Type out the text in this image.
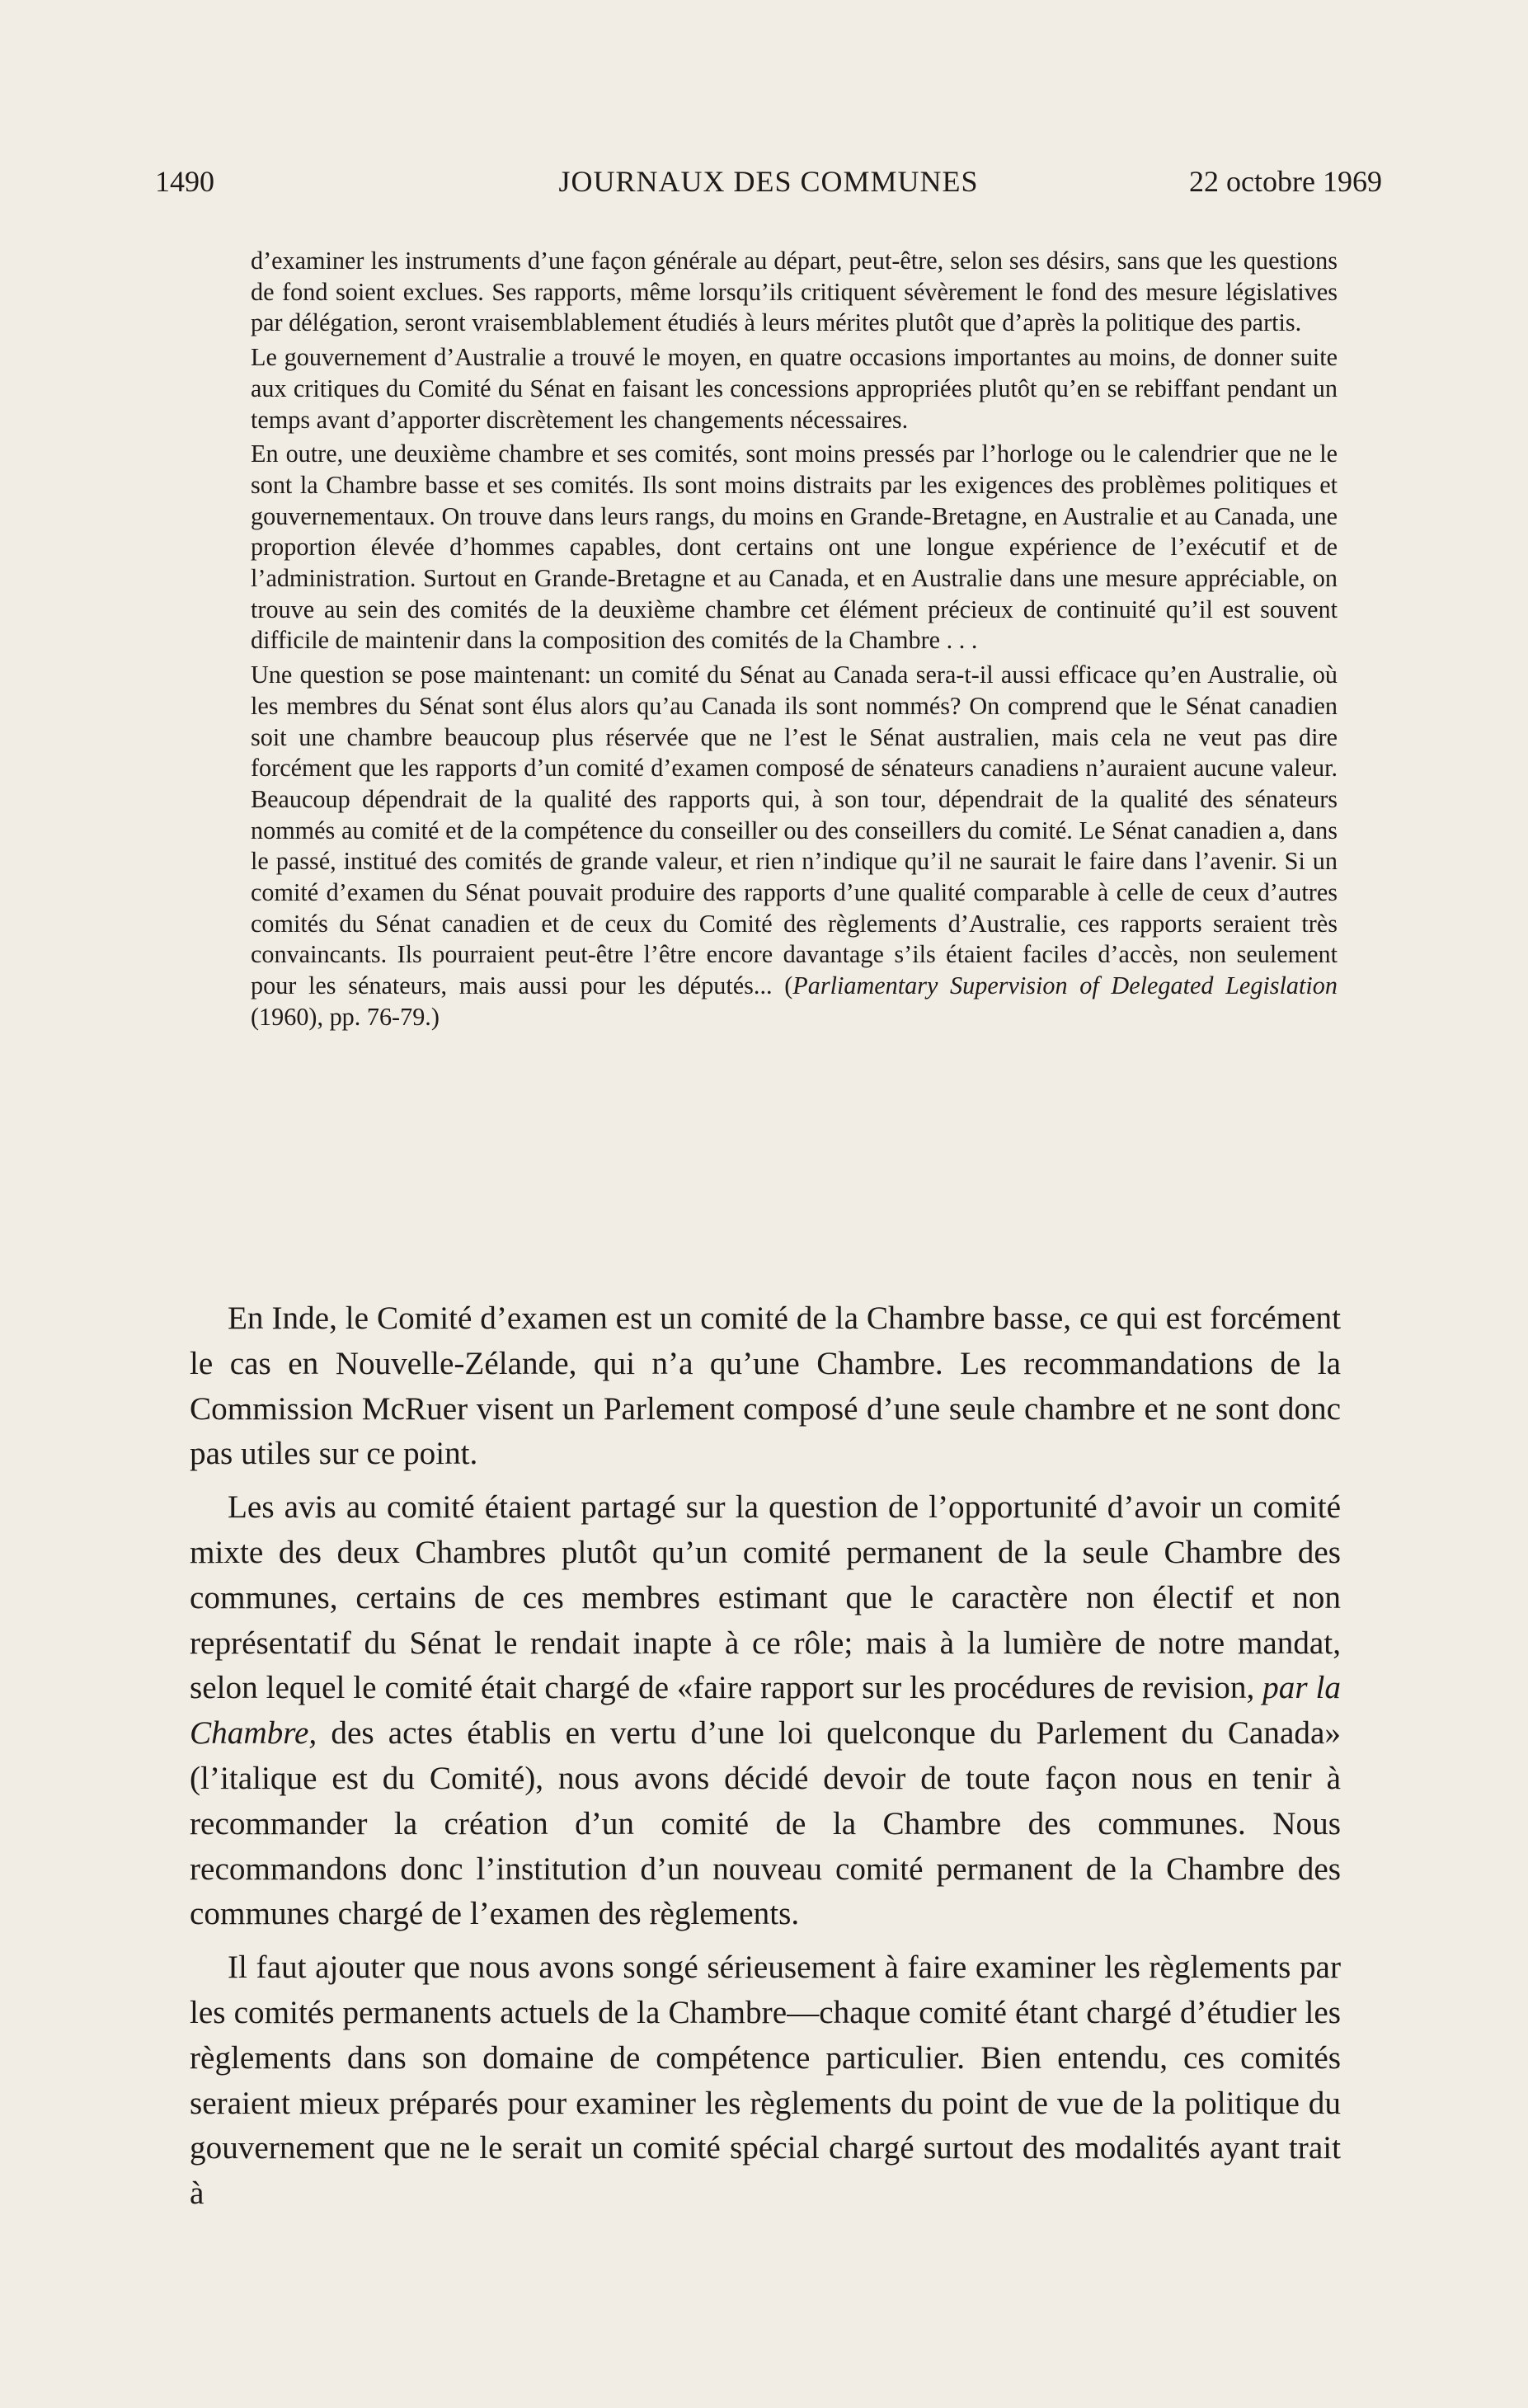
1490	JOURNAUX DES COMMUNES	22 octobre 1969

d’examiner les instruments d’une façon générale au départ, peut-être, selon ses désirs, sans que les questions de fond soient exclues. Ses rapports, même lorsqu’ils critiquent sévèrement le fond des mesure législatives par délégation, seront vraisemblablement étudiés à leurs mérites plutôt que d’après la politique des partis.

Le gouvernement d’Australie a trouvé le moyen, en quatre occasions importantes au moins, de donner suite aux critiques du Comité du Sénat en faisant les concessions appropriées plutôt qu’en se rebiffant pendant un temps avant d’apporter discrètement les changements nécessaires.

En outre, une deuxième chambre et ses comités, sont moins pressés par l’horloge ou le calendrier que ne le sont la Chambre basse et ses comités. Ils sont moins distraits par les exigences des problèmes politiques et gouvernementaux. On trouve dans leurs rangs, du moins en Grande-Bretagne, en Australie et au Canada, une proportion élevée d’hommes capables, dont certains ont une longue expérience de l’exécutif et de l’administration. Surtout en Grande-Bretagne et au Canada, et en Australie dans une mesure appréciable, on trouve au sein des comités de la deuxième chambre cet élément précieux de continuité qu’il est souvent difficile de maintenir dans la composition des comités de la Chambre . . .

Une question se pose maintenant: un comité du Sénat au Canada sera-t-il aussi efficace qu’en Australie, où les membres du Sénat sont élus alors qu’au Canada ils sont nommés? On comprend que le Sénat canadien soit une chambre beaucoup plus réservée que ne l’est le Sénat australien, mais cela ne veut pas dire forcément que les rapports d’un comité d’examen composé de sénateurs canadiens n’auraient aucune valeur. Beaucoup dépendrait de la qualité des rapports qui, à son tour, dépendrait de la qualité des sénateurs nommés au comité et de la compétence du conseiller ou des conseillers du comité. Le Sénat canadien a, dans le passé, institué des comités de grande valeur, et rien n’indique qu’il ne saurait le faire dans l’avenir. Si un comité d’examen du Sénat pouvait produire des rapports d’une qualité comparable à celle de ceux d’autres comités du Sénat canadien et de ceux du Comité des règlements d’Australie, ces rapports seraient très convaincants. Ils pourraient peut-être l’être encore davantage s’ils étaient faciles d’accès, non seulement pour les sénateurs, mais aussi pour les députés... (Parliamentary Supervision of Delegated Legislation (1960), pp. 76-79.)

En Inde, le Comité d’examen est un comité de la Chambre basse, ce qui est forcément le cas en Nouvelle-Zélande, qui n’a qu’une Chambre. Les recommandations de la Commission McRuer visent un Parlement composé d’une seule chambre et ne sont donc pas utiles sur ce point.

Les avis au comité étaient partagé sur la question de l’opportunité d’avoir un comité mixte des deux Chambres plutôt qu’un comité permanent de la seule Chambre des communes, certains de ces membres estimant que le caractère non électif et non représentatif du Sénat le rendait inapte à ce rôle; mais à la lumière de notre mandat, selon lequel le comité était chargé de «faire rapport sur les procédures de revision, par la Chambre, des actes établis en vertu d’une loi quelconque du Parlement du Canada» (l’italique est du Comité), nous avons décidé devoir de toute façon nous en tenir à recommander la création d’un comité de la Chambre des communes. Nous recommandons donc l’institution d’un nouveau comité permanent de la Chambre des communes chargé de l’examen des règlements.

Il faut ajouter que nous avons songé sérieusement à faire examiner les règlements par les comités permanents actuels de la Chambre—chaque comité étant chargé d’étudier les règlements dans son domaine de compétence particulier. Bien entendu, ces comités seraient mieux préparés pour examiner les règlements du point de vue de la politique du gouvernement que ne le serait un comité spécial chargé surtout des modalités ayant trait à
